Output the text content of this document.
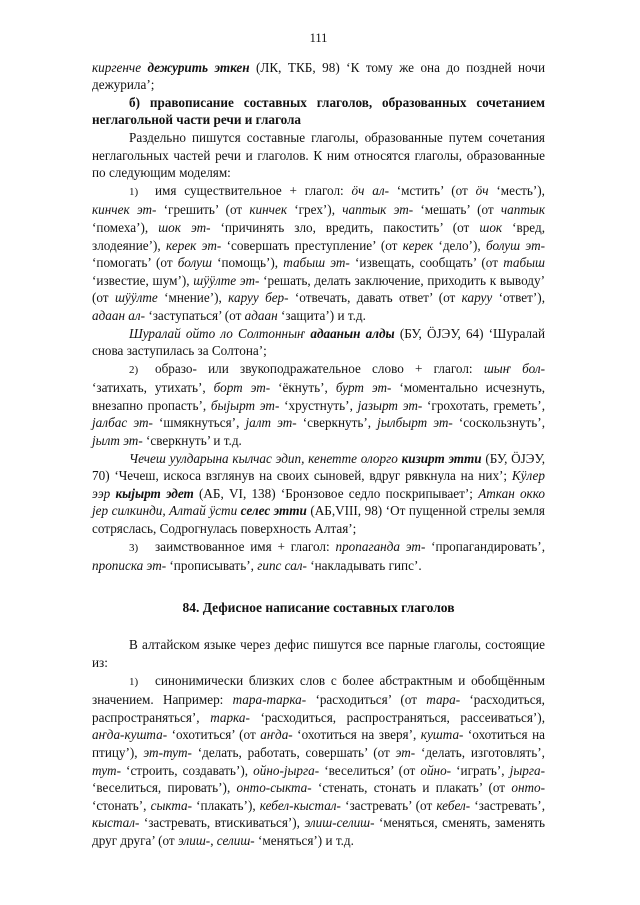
111

киргенче дежурить эткен (ЛК, ТКБ, 98) ‘К тому же она до поздней ночи дежурила’;

б) правописание составных глаголов, образованных сочетанием неглагольной части речи и глагола

Раздельно пишутся составные глаголы, образованные путем сочетания неглагольных частей речи и глаголов. К ним относятся глаголы, образованные по следующим моделям:

1) имя существительное + глагол: ӧч ал- ‘мстить’ (от ӧч ‘месть’), кинчек эт- ‘грешить’ (от кинчек ‘грех’), чаптык эт- ‘мешать’ (от чаптык ‘помеха’), шок эт- ‘причинять зло, вредить, пакостить’ (от шок ‘вред, злодеяние’), керек эт- ‘совершать преступление’ (от керек ‘дело’), болуш эт- ‘помогать’ (от болуш ‘помощь’), табыш эт- ‘извещать, сообщать’ (от табыш ‘известие, шум’), шӱӱлте эт- ‘решать, делать заключение, приходить к выводу’ (от шӱӱлте ‘мнение’), каруу бер- ‘отвечать, давать ответ’ (от каруу ‘ответ’), адаан ал- ‘заступаться’ (от адаан ‘защита’) и т.д.

Шуралай ойто ло Солтонныҥ адаанын алды (БУ, ӦЈЭУ, 64) ‘Шуралай снова заступилась за Солтона’;

2) образо- или звукоподражательное слово + глагол: шыҥ бол- ‘затихать, утихать’, борт эт- ‘ёкнуть’, бурт эт- ‘моментально исчезнуть, внезапно пропасть’, быјырт эт- ‘хрустнуть’, јазырт эт- ‘грохотать, греметь’, јалбас эт- ‘шмякнуться’, јалт эт- ‘сверкнуть’, јылбырт эт- ‘соскользнуть’, јылт эт- ‘сверкнуть’ и т.д.

Чечеш уулдарына кылчас эдип, кенетте олорго кизирт этти (БУ, ӦЈЭУ, 70) ‘Чечеш, искоса взглянув на своих сыновей, вдруг рявкнула на них’; Кӱлер ээр кыјырт эдет (АБ, VI, 138) ‘Бронзовое седло поскрипывает’; Аткан окко јер силкинди, Алтай ӱсти селес этти (АБ,VIII, 98) ‘От пущенной стрелы земля сотряслась, Содрогнулась поверхность Алтая’;

3) заимствованное имя + глагол: пропаганда эт- ‘пропагандировать’, прописка эт- ‘прописывать’, гипс сал- ‘накладывать гипс’.

84. Дефисное написание составных глаголов

В алтайском языке через дефис пишутся все парные глаголы, состоящие из:

1) синонимически близких слов с более абстрактным и обобщённым значением. Например: тара-тарка- ‘расходиться’ (от тара- ‘расходиться, распространяться’, тарка- ‘расходиться, распространяться, рассеиваться’), аҥда-кушта- ‘охотиться’ (от аҥда- ‘охотиться на зверя’, кушта- ‘охотиться на птицу’), эт-тут- ‘делать, работать, совершать’ (от эт- ‘делать, изготовлять’, тут- ‘строить, создавать’), ойно-јырга- ‘веселиться’ (от ойно- ‘играть’, јырга- ‘веселиться, пировать’), онто-сыкта- ‘стенать, стонать и плакать’ (от онто- ‘стонать’, сыкта- ‘плакать’), кебел-кыстал- ‘застревать’ (от кебел- ‘застревать’, кыстал- ‘застревать, втискиваться’), элиш-селиш- ‘меняться, сменять, заменять друг друга’ (от элиш-, селиш- ‘меняться’) и т.д.
